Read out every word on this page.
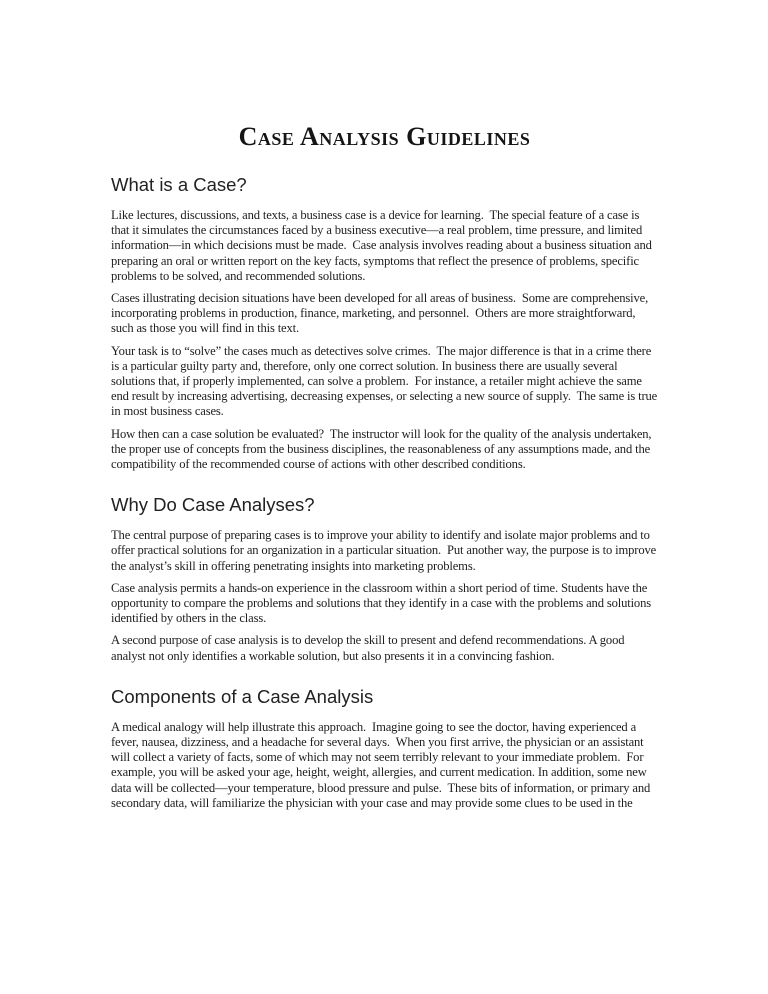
Case Analysis Guidelines
What is a Case?

Like lectures, discussions, and texts, a business case is a device for learning.  The special feature of a case is that it simulates the circumstances faced by a business executive—a real problem, time pressure, and limited information—in which decisions must be made.  Case analysis involves reading about a business situation and preparing an oral or written report on the key facts, symptoms that reflect the presence of problems, specific problems to be solved, and recommended solutions.

Cases illustrating decision situations have been developed for all areas of business.  Some are comprehensive, incorporating problems in production, finance, marketing, and personnel.  Others are more straightforward, such as those you will find in this text.

Your task is to “solve” the cases much as detectives solve crimes.  The major difference is that in a crime there is a particular guilty party and, therefore, only one correct solution. In business there are usually several solutions that, if properly implemented, can solve a problem.  For instance, a retailer might achieve the same end result by increasing advertising, decreasing expenses, or selecting a new source of supply.  The same is true in most business cases.

How then can a case solution be evaluated?  The instructor will look for the quality of the analysis undertaken, the proper use of concepts from the business disciplines, the reasonableness of any assumptions made, and the compatibility of the recommended course of actions with other described conditions.

Why Do Case Analyses?

The central purpose of preparing cases is to improve your ability to identify and isolate major problems and to offer practical solutions for an organization in a particular situation.  Put another way, the purpose is to improve the analyst’s skill in offering penetrating insights into marketing problems.

Case analysis permits a hands-on experience in the classroom within a short period of time. Students have the opportunity to compare the problems and solutions that they identify in a case with the problems and solutions identified by others in the class.

A second purpose of case analysis is to develop the skill to present and defend recommendations. A good analyst not only identifies a workable solution, but also presents it in a convincing fashion.

Components of a Case Analysis

A medical analogy will help illustrate this approach.  Imagine going to see the doctor, having experienced a fever, nausea, dizziness, and a headache for several days.  When you first arrive, the physician or an assistant will collect a variety of facts, some of which may not seem terribly relevant to your immediate problem.  For example, you will be asked your age, height, weight, allergies, and current medication. In addition, some new data will be collected—your temperature, blood pressure and pulse.  These bits of information, or primary and secondary data, will familiarize the physician with your case and may provide some clues to be used in the
